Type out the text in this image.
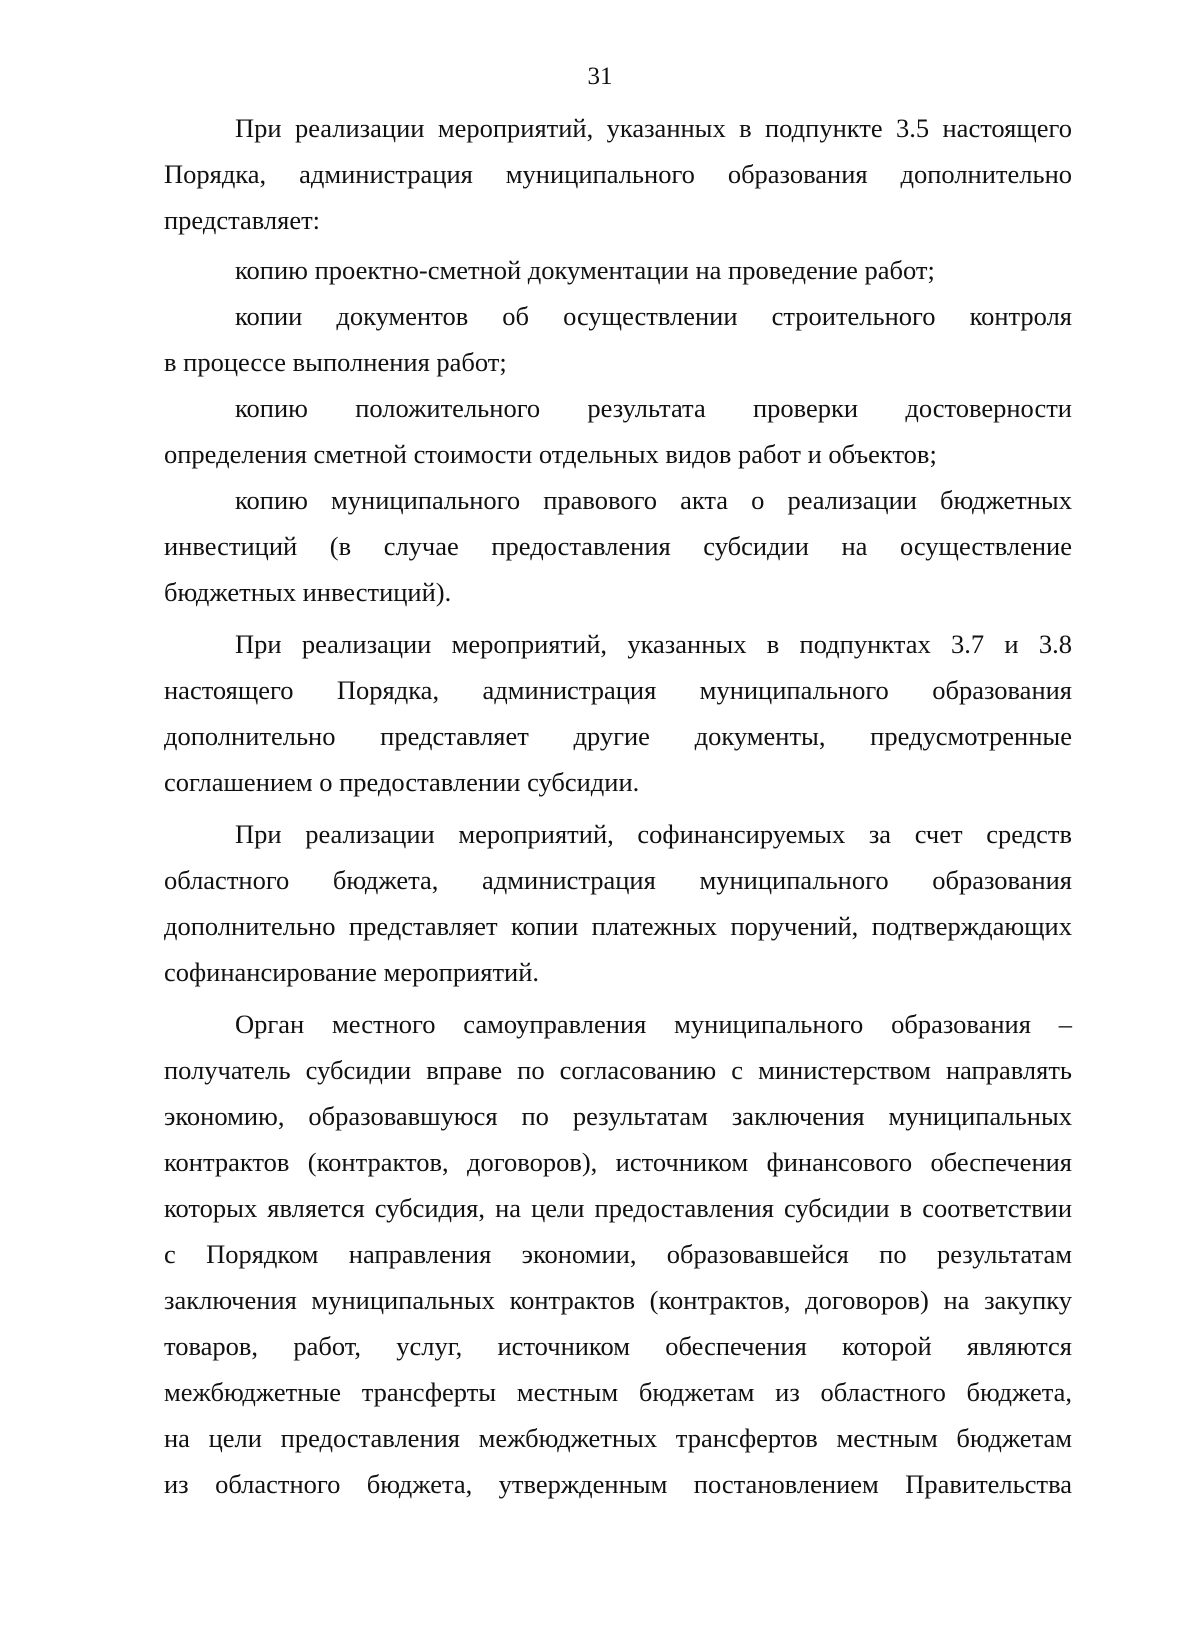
31
При реализации мероприятий, указанных в подпункте 3.5 настоящего
Порядка, администрация муниципального образования дополнительно
представляет:
копию проектно-сметной документации на проведение работ;
копии документов об осуществлении строительного контроля
в процессе выполнения работ;
копию положительного результата проверки достоверности
определения сметной стоимости отдельных видов работ и объектов;
копию муниципального правового акта о реализации бюджетных
инвестиций (в случае предоставления субсидии на осуществление
бюджетных инвестиций).
При реализации мероприятий, указанных в подпунктах 3.7 и 3.8
настоящего Порядка, администрация муниципального образования
дополнительно представляет другие документы, предусмотренные
соглашением о предоставлении субсидии.
При реализации мероприятий, софинансируемых за счет средств
областного бюджета, администрация муниципального образования
дополнительно представляет копии платежных поручений, подтверждающих
софинансирование мероприятий.
Орган местного самоуправления муниципального образования –
получатель субсидии вправе по согласованию с министерством направлять
экономию, образовавшуюся по результатам заключения муниципальных
контрактов (контрактов, договоров), источником финансового обеспечения
которых является субсидия, на цели предоставления субсидии в соответствии
с Порядком направления экономии, образовавшейся по результатам
заключения муниципальных контрактов (контрактов, договоров) на закупку
товаров, работ, услуг, источником обеспечения которой являются
межбюджетные трансферты местным бюджетам из областного бюджета,
на цели предоставления межбюджетных трансфертов местным бюджетам
из областного бюджета, утвержденным постановлением Правительства
